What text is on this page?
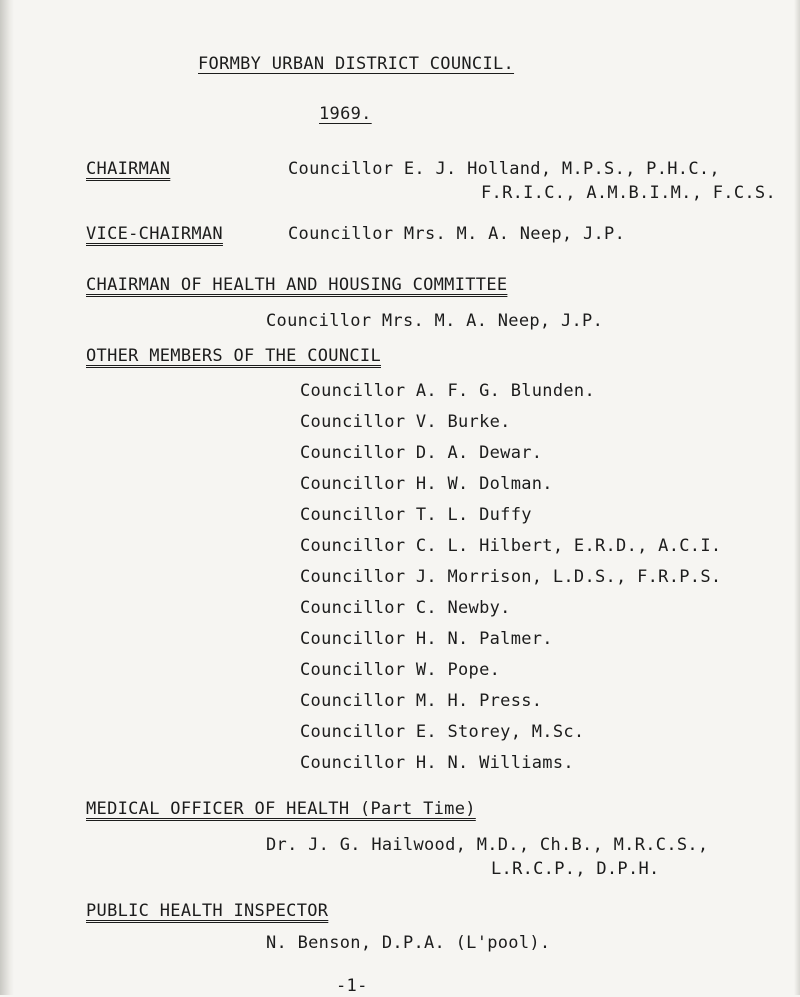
FORMBY URBAN DISTRICT COUNCIL.
1969.
CHAIRMAN	Councillor E. J. Holland, M.P.S., P.H.C.,
F.R.I.C., A.M.B.I.M., F.C.S.
VICE-CHAIRMAN	Councillor Mrs. M. A. Neep, J.P.
CHAIRMAN OF HEALTH AND HOUSING COMMITTEE
Councillor Mrs. M. A. Neep, J.P.
OTHER MEMBERS OF THE COUNCIL
Councillor A. F. G. Blunden.
Councillor V. Burke.
Councillor D. A. Dewar.
Councillor H. W. Dolman.
Councillor T. L. Duffy
Councillor C. L. Hilbert, E.R.D., A.C.I.
Councillor J. Morrison, L.D.S., F.R.P.S.
Councillor C. Newby.
Councillor H. N. Palmer.
Councillor W. Pope.
Councillor M. H. Press.
Councillor E. Storey, M.Sc.
Councillor H. N. Williams.
MEDICAL OFFICER OF HEALTH (Part Time)
Dr. J. G. Hailwood, M.D., Ch.B., M.R.C.S.,
L.R.C.P., D.P.H.
PUBLIC HEALTH INSPECTOR
N. Benson, D.P.A. (L'pool).
-1-
